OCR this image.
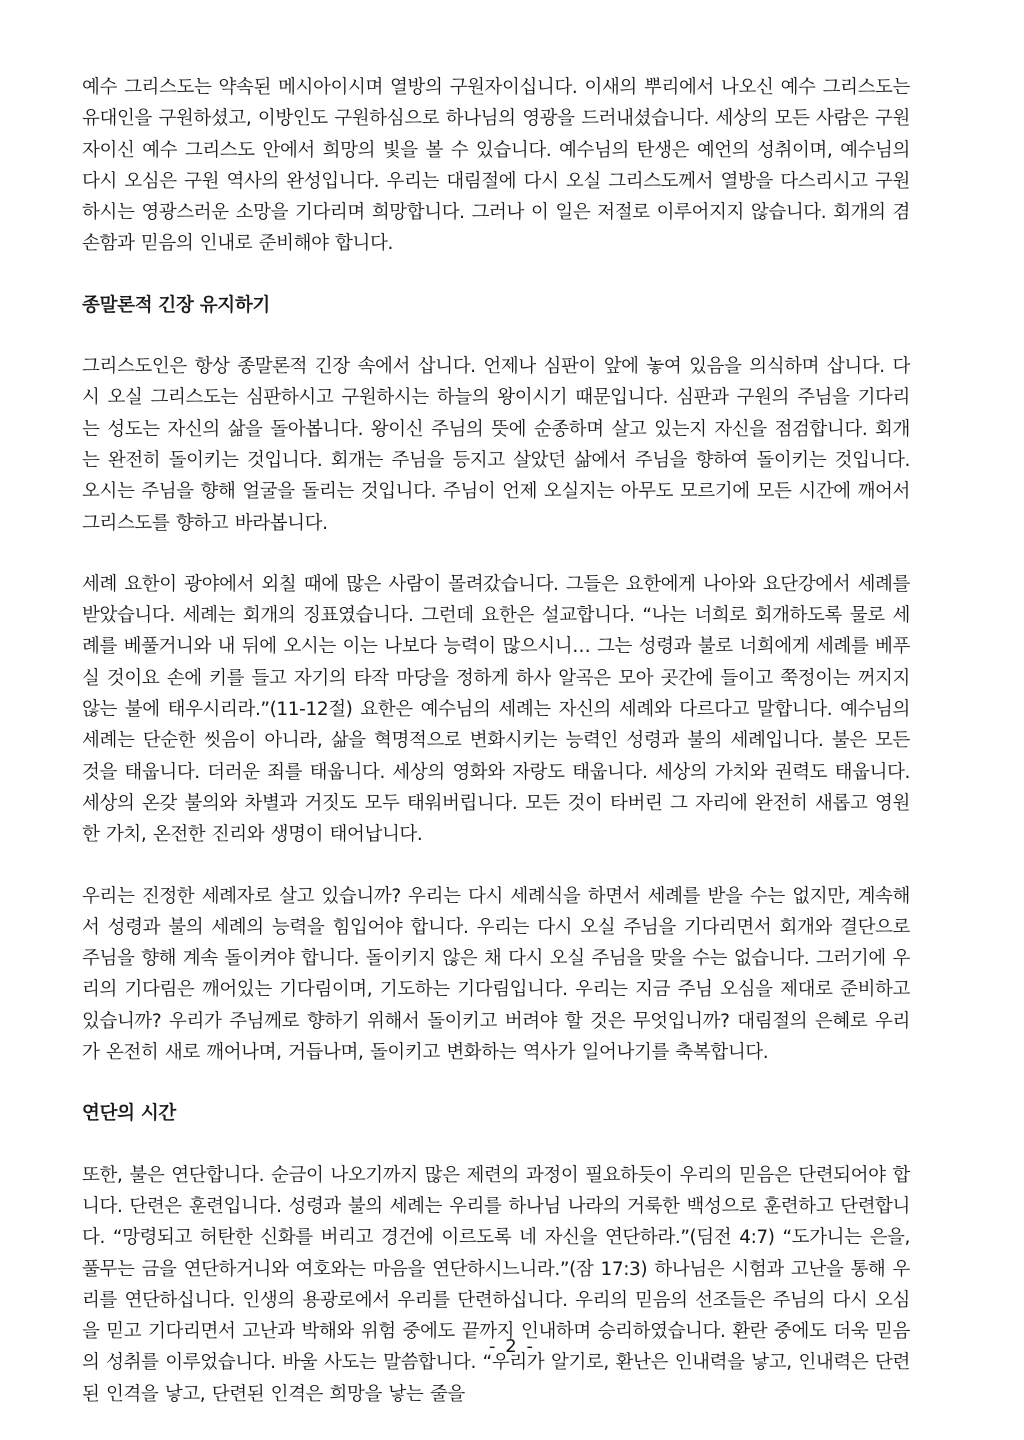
예수 그리스도는 약속된 메시아이시며 열방의 구원자이십니다. 이새의 뿌리에서 나오신 예수 그리스도는 유대인을 구원하셨고, 이방인도 구원하심으로 하나님의 영광을 드러내셨습니다. 세상의 모든 사람은 구원자이신 예수 그리스도 안에서 희망의 빛을 볼 수 있습니다. 예수님의 탄생은 예언의 성취이며, 예수님의 다시 오심은 구원 역사의 완성입니다. 우리는 대림절에 다시 오실 그리스도께서 열방을 다스리시고 구원하시는 영광스러운 소망을 기다리며 희망합니다. 그러나 이 일은 저절로 이루어지지 않습니다. 회개의 겸손함과 믿음의 인내로 준비해야 합니다.

종말론적 긴장 유지하기

그리스도인은 항상 종말론적 긴장 속에서 삽니다. 언제나 심판이 앞에 놓여 있음을 의식하며 삽니다. 다시 오실 그리스도는 심판하시고 구원하시는 하늘의 왕이시기 때문입니다. 심판과 구원의 주님을 기다리는 성도는 자신의 삶을 돌아봅니다. 왕이신 주님의 뜻에 순종하며 살고 있는지 자신을 점검합니다. 회개는 완전히 돌이키는 것입니다. 회개는 주님을 등지고 살았던 삶에서 주님을 향하여 돌이키는 것입니다. 오시는 주님을 향해 얼굴을 돌리는 것입니다. 주님이 언제 오실지는 아무도 모르기에 모든 시간에 깨어서 그리스도를 향하고 바라봅니다.

세례 요한이 광야에서 외칠 때에 많은 사람이 몰려갔습니다. 그들은 요한에게 나아와 요단강에서 세례를 받았습니다. 세례는 회개의 징표였습니다. 그런데 요한은 설교합니다. “나는 너희로 회개하도록 물로 세례를 베풀거니와 내 뒤에 오시는 이는 나보다 능력이 많으시니… 그는 성령과 불로 너희에게 세례를 베푸실 것이요 손에 키를 들고 자기의 타작 마당을 정하게 하사 알곡은 모아 곳간에 들이고 쭉정이는 꺼지지 않는 불에 태우시리라.”(11-12절) 요한은 예수님의 세례는 자신의 세례와 다르다고 말합니다. 예수님의 세례는 단순한 씻음이 아니라, 삶을 혁명적으로 변화시키는 능력인 성령과 불의 세례입니다. 불은 모든 것을 태웁니다. 더러운 죄를 태웁니다. 세상의 영화와 자랑도 태웁니다. 세상의 가치와 권력도 태웁니다. 세상의 온갖 불의와 차별과 거짓도 모두 태워버립니다. 모든 것이 타버린 그 자리에 완전히 새롭고 영원한 가치, 온전한 진리와 생명이 태어납니다.

우리는 진정한 세례자로 살고 있습니까? 우리는 다시 세례식을 하면서 세례를 받을 수는 없지만, 계속해서 성령과 불의 세례의 능력을 힘입어야 합니다. 우리는 다시 오실 주님을 기다리면서 회개와 결단으로 주님을 향해 계속 돌이켜야 합니다. 돌이키지 않은 채 다시 오실 주님을 맞을 수는 없습니다. 그러기에 우리의 기다림은 깨어있는 기다림이며, 기도하는 기다림입니다. 우리는 지금 주님 오심을 제대로 준비하고 있습니까? 우리가 주님께로 향하기 위해서 돌이키고 버려야 할 것은 무엇입니까? 대림절의 은혜로 우리가 온전히 새로 깨어나며, 거듭나며, 돌이키고 변화하는 역사가 일어나기를 축복합니다.

연단의 시간

또한, 불은 연단합니다. 순금이 나오기까지 많은 제련의 과정이 필요하듯이 우리의 믿음은 단련되어야 합니다. 단련은 훈련입니다. 성령과 불의 세례는 우리를 하나님 나라의 거룩한 백성으로 훈련하고 단련합니다. “망령되고 허탄한 신화를 버리고 경건에 이르도록 네 자신을 연단하라.”(딤전 4:7) “도가니는 은을, 풀무는 금을 연단하거니와 여호와는 마음을 연단하시느니라.”(잠 17:3) 하나님은 시험과 고난을 통해 우리를 연단하십니다. 인생의 용광로에서 우리를 단련하십니다. 우리의 믿음의 선조들은 주님의 다시 오심을 믿고 기다리면서 고난과 박해와 위험 중에도 끝까지 인내하며 승리하였습니다. 환란 중에도 더욱 믿음의 성취를 이루었습니다. 바울 사도는 말씀합니다. “우리가 알기로, 환난은 인내력을 낳고, 인내력은 단련된 인격을 낳고, 단련된 인격은 희망을 낳는 줄을

- 2 -
